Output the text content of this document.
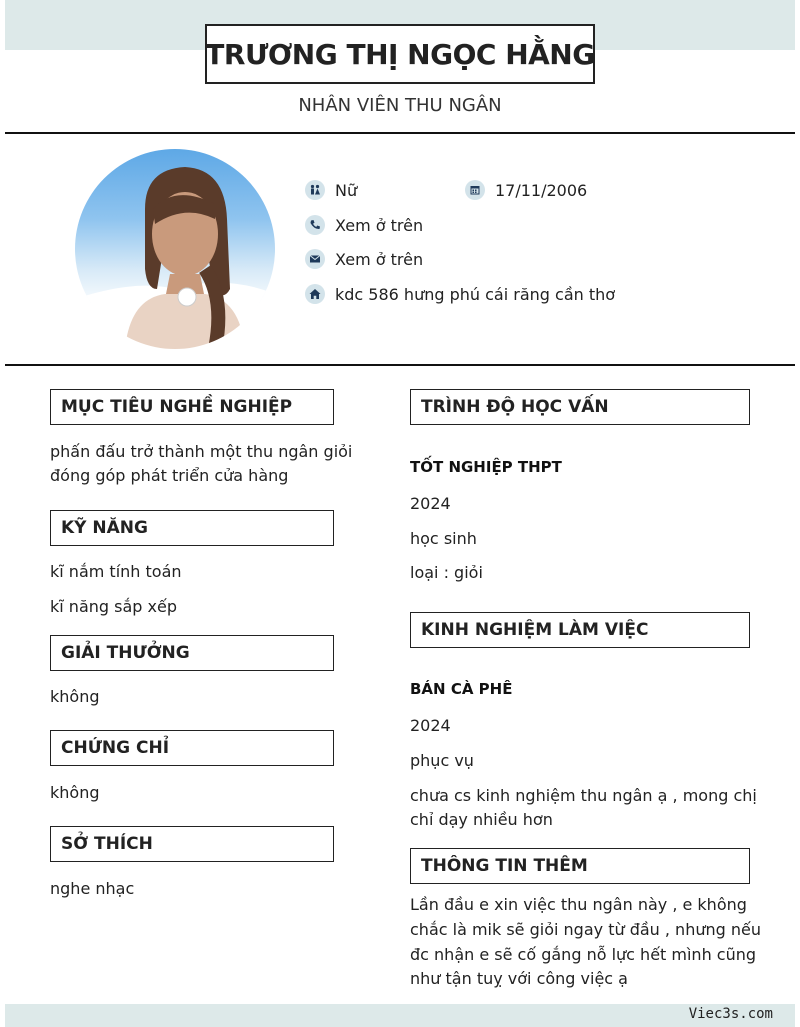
TRƯƠNG THỊ NGỌC HẰNG
NHÂN VIÊN THU NGÂN
Nữ	17/11/2006
Xem ở trên
Xem ở trên
kdc 586 hưng phú cái răng cần thơ
MỤC TIÊU NGHỀ NGHIỆP
phấn đấu trở thành một thu ngân giỏi
đóng góp phát triển cửa hàng
KỸ NĂNG
kĩ nắm tính toán
kĩ năng sắp xếp
GIẢI THƯỞNG
không
CHỨNG CHỈ
không
SỞ THÍCH
nghe nhạc
TRÌNH ĐỘ HỌC VẤN
TỐT NGHIỆP THPT
2024
học sinh
loại : giỏi
KINH NGHIỆM LÀM VIỆC
BÁN CÀ PHÊ
2024
phục vụ
chưa cs kinh nghiệm thu ngân ạ , mong chị
chỉ dạy nhiều hơn
THÔNG TIN THÊM
Lần đầu e xin việc thu ngân này , e không
chắc là mik sẽ giỏi ngay từ đầu , nhưng nếu
đc nhận e sẽ cố gắng nỗ lực hết mình cũng
như tận tuỵ với công việc ạ
Viec3s.com
